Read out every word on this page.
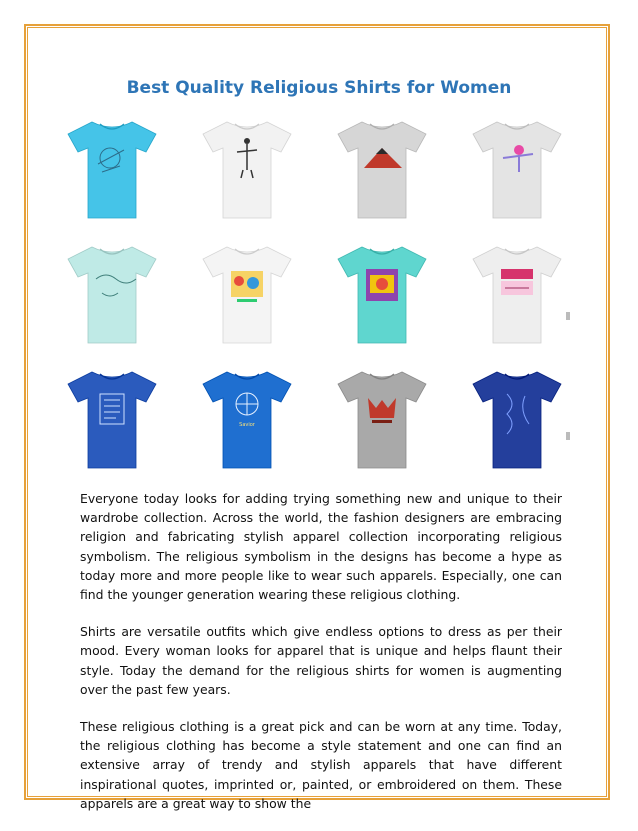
Best Quality Religious Shirts for Women
Savior

Everyone today looks for adding trying something new and unique to their wardrobe collection. Across the world, the fashion designers are embracing religion and fabricating stylish apparel collection incorporating religious symbolism. The religious symbolism in the designs has become a hype as today more and more people like to wear such apparels. Especially, one can find the younger generation wearing these religious clothing.

Shirts are versatile outfits which give endless options to dress as per their mood. Every woman looks for apparel that is unique and helps flaunt their style. Today the demand for the religious shirts for women is augmenting over the past few years.

These religious clothing is a great pick and can be worn at any time. Today, the religious clothing has become a style statement and one can find an extensive array of trendy and stylish apparels that have different inspirational quotes, imprinted or, painted, or embroidered on them. These apparels are a great way to show the
